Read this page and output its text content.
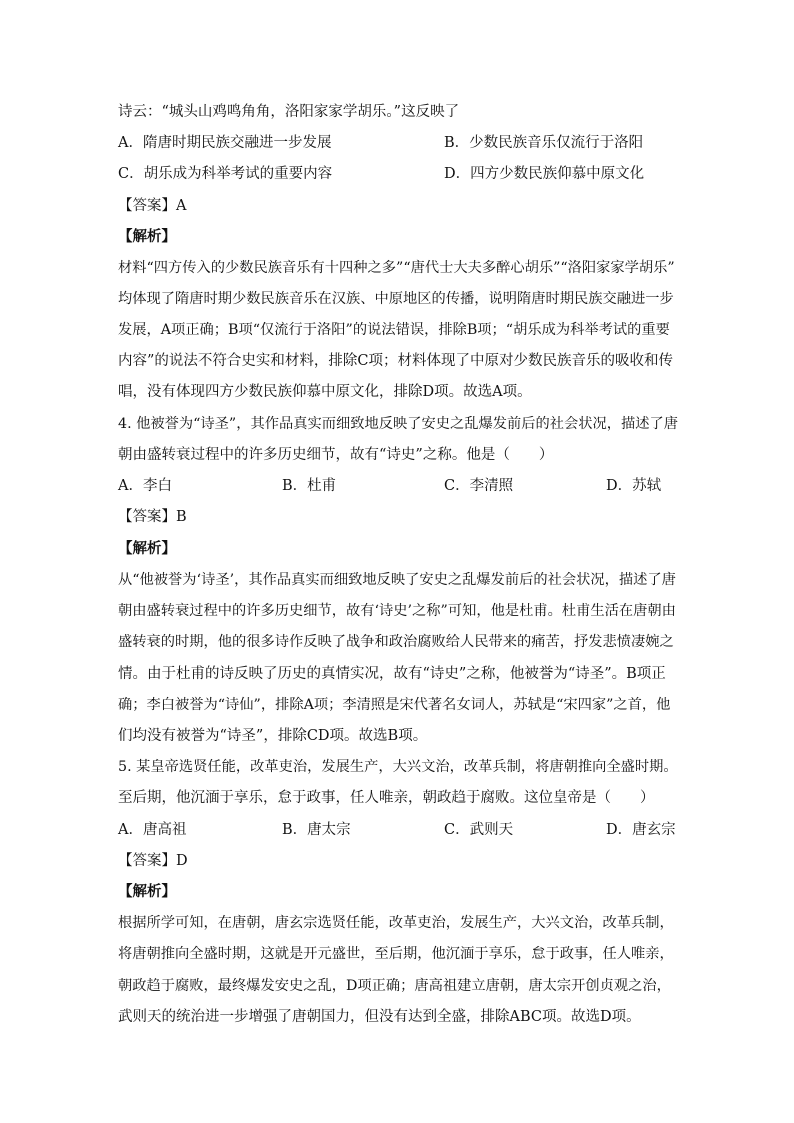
诗云：“城头山鸡鸣角角，洛阳家家学胡乐。”这反映了
A．隋唐时期民族交融进一步发展	B．少数民族音乐仅流行于洛阳
C．胡乐成为科举考试的重要内容	D．四方少数民族仰慕中原文化
【答案】A
【解析】
材料“四方传入的少数民族音乐有十四种之多”“唐代士大夫多醉心胡乐”“洛阳家家学胡乐”
均体现了隋唐时期少数民族音乐在汉族、中原地区的传播，说明隋唐时期民族交融进一步
发展，A项正确；B项“仅流行于洛阳”的说法错误，排除B项；“胡乐成为科举考试的重要
内容”的说法不符合史实和材料，排除C项；材料体现了中原对少数民族音乐的吸收和传
唱，没有体现四方少数民族仰慕中原文化，排除D项。故选A项。
4. 他被誉为“诗圣”，其作品真实而细致地反映了安史之乱爆发前后的社会状况，描述了唐
朝由盛转衰过程中的许多历史细节，故有“诗史”之称。他是（　　）
A．李白	B．杜甫	C．李清照	D．苏轼
【答案】B
【解析】
从“他被誉为‘诗圣’，其作品真实而细致地反映了安史之乱爆发前后的社会状况，描述了唐
朝由盛转衰过程中的许多历史细节，故有‘诗史’之称”可知，他是杜甫。杜甫生活在唐朝由
盛转衰的时期，他的很多诗作反映了战争和政治腐败给人民带来的痛苦，抒发悲愤凄婉之
情。由于杜甫的诗反映了历史的真情实况，故有“诗史”之称，他被誉为“诗圣”。B项正
确；李白被誉为“诗仙”，排除A项；李清照是宋代著名女词人，苏轼是“宋四家”之首，他
们均没有被誉为“诗圣”，排除CD项。故选B项。
5. 某皇帝选贤任能，改革吏治，发展生产，大兴文治，改革兵制，将唐朝推向全盛时期。
至后期，他沉湎于享乐，怠于政事，任人唯亲，朝政趋于腐败。这位皇帝是（　　）
A．唐高祖	B．唐太宗	C．武则天	D．唐玄宗
【答案】D
【解析】
根据所学可知，在唐朝，唐玄宗选贤任能，改革吏治，发展生产，大兴文治，改革兵制，
将唐朝推向全盛时期，这就是开元盛世，至后期，他沉湎于享乐，怠于政事，任人唯亲，
朝政趋于腐败，最终爆发安史之乱，D项正确；唐高祖建立唐朝，唐太宗开创贞观之治，
武则天的统治进一步增强了唐朝国力，但没有达到全盛，排除ABC项。故选D项。
